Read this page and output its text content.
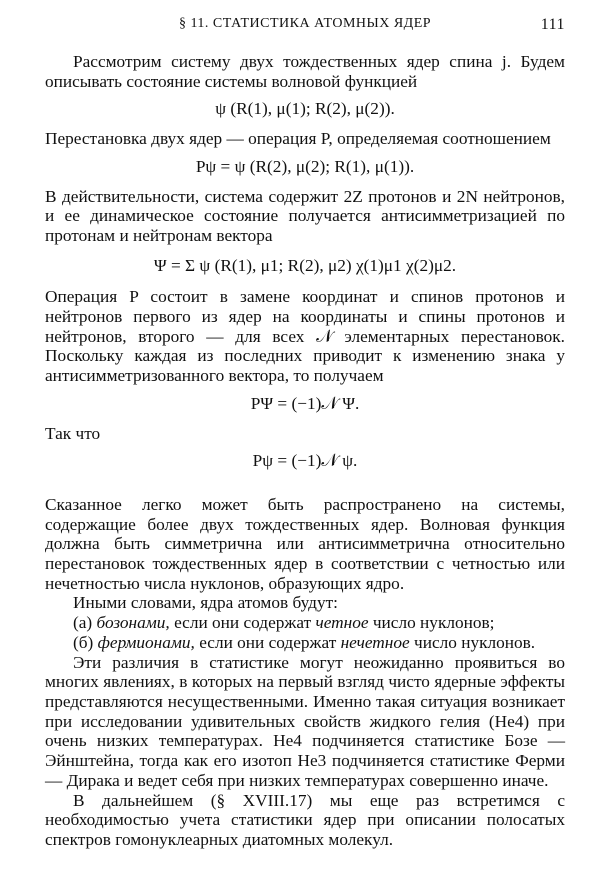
§ 11. СТАТИСТИКА АТОМНЫХ ЯДЕР	111

Рассмотрим систему двух тождественных ядер спина j. Будем описывать состояние системы волновой функцией

ψ (R(1), μ(1); R(2), μ(2)).

Перестановка двух ядер — операция P, определяемая соотношением

Pψ = ψ (R(2), μ(2); R(1), μ(1)).

В действительности, система содержит 2Z протонов и 2N нейтронов, и ее динамическое состояние получается антисимметризацией по протонам и нейтронам вектора

Ψ = Σ ψ (R(1), μ1; R(2), μ2) χ(1)μ1 χ(2)μ2.

Операция P состоит в замене координат и спинов протонов и нейтронов первого из ядер на координаты и спины протонов и нейтронов, второго — для всех 𝒩 элементарных перестановок. Поскольку каждая из последних приводит к изменению знака у антисимметризованного вектора, то получаем

PΨ = (−1)𝒩 Ψ.

Так что

Pψ = (−1)𝒩 ψ.

Сказанное легко может быть распространено на системы, содержащие более двух тождественных ядер. Волновая функция должна быть симметрична или антисимметрична относительно перестановок тождественных ядер в соответствии с четностью или нечетностью числа нуклонов, образующих ядро.

Иными словами, ядра атомов будут:

(а) бозонами, если они содержат четное число нуклонов;

(б) фермионами, если они содержат нечетное число нуклонов.

Эти различия в статистике могут неожиданно проявиться во многих явлениях, в которых на первый взгляд чисто ядерные эффекты представляются несущественными. Именно такая ситуация возникает при исследовании удивительных свойств жидкого гелия (He4) при очень низких температурах. He4 подчиняется статистике Бозе — Эйнштейна, тогда как его изотоп He3 подчиняется статистике Ферми — Дирака и ведет себя при низких температурах совершенно иначе.

В дальнейшем (§ XVIII.17) мы еще раз встретимся с необходимостью учета статистики ядер при описании полосатых спектров гомонуклеарных диатомных молекул.
